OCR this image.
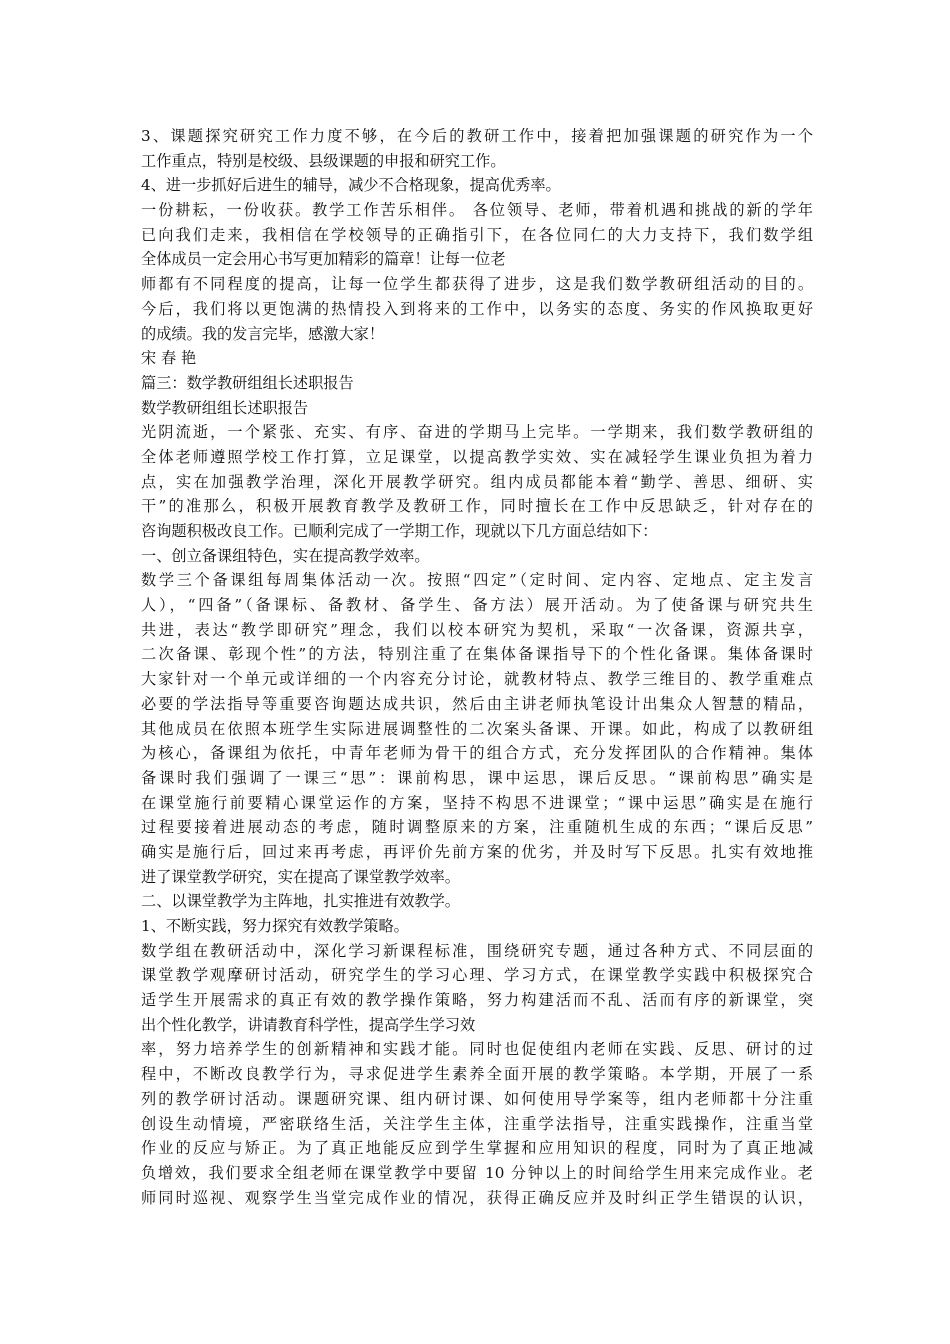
3、课题探究研究工作力度不够，在今后的教研工作中，接着把加强课题的研究作为一个
工作重点，特别是校级、县级课题的申报和研究工作。
4、进一步抓好后进生的辅导，减少不合格现象，提高优秀率。
一份耕耘，一份收获。教学工作苦乐相伴。 各位领导、老师，带着机遇和挑战的新的学年
已向我们走来，我相信在学校领导的正确指引下，在各位同仁的大力支持下，我们数学组
全体成员一定会用心书写更加精彩的篇章！让每一位老
师都有不同程度的提高，让每一位学生都获得了进步，这是我们数学教研组活动的目的。
今后，我们将以更饱满的热情投入到将来的工作中，以务实的态度、务实的作风换取更好
的成绩。我的发言完毕，感激大家！
宋 春 艳
篇三：数学教研组组长述职报告
数学教研组组长述职报告
光阴流逝，一个紧张、充实、有序、奋进的学期马上完毕。一学期来，我们数学教研组的
全体老师遵照学校工作打算，立足课堂，以提高教学实效、实在减轻学生课业负担为着力
点，实在加强教学治理，深化开展教学研究。组内成员都能本着“勤学、善思、细研、实
干”的准那么，积极开展教育教学及教研工作，同时擅长在工作中反思缺乏，针对存在的
咨询题积极改良工作。已顺利完成了一学期工作，现就以下几方面总结如下：
一、创立备课组特色，实在提高教学效率。
数学三个备课组每周集体活动一次。按照“四定”（定时间、定内容、定地点、定主发言
人），“四备”（备课标、备教材、备学生、备方法）展开活动。为了使备课与研究共生
共进，表达“教学即研究”理念，我们以校本研究为契机，采取“一次备课，资源共享，
二次备课、彰现个性”的方法，特别注重了在集体备课指导下的个性化备课。集体备课时
大家针对一个单元或详细的一个内容充分讨论，就教材特点、教学三维目的、教学重难点
必要的学法指导等重要咨询题达成共识，然后由主讲老师执笔设计出集众人智慧的精品，
其他成员在依照本班学生实际进展调整性的二次案头备课、开课。如此，构成了以教研组
为核心，备课组为依托，中青年老师为骨干的组合方式，充分发挥团队的合作精神。集体
备课时我们强调了一课三“思”：课前构思，课中运思，课后反思。“课前构思”确实是
在课堂施行前要精心课堂运作的方案，坚持不构思不进课堂；“课中运思”确实是在施行
过程要接着进展动态的考虑，随时调整原来的方案，注重随机生成的东西；“课后反思”
确实是施行后，回过来再考虑，再评价先前方案的优劣，并及时写下反思。扎实有效地推
进了课堂教学研究，实在提高了课堂教学效率。
二、以课堂教学为主阵地，扎实推进有效教学。
1、不断实践，努力探究有效教学策略。
数学组在教研活动中，深化学习新课程标准，围绕研究专题，通过各种方式、不同层面的
课堂教学观摩研讨活动，研究学生的学习心理、学习方式，在课堂教学实践中积极探究合
适学生开展需求的真正有效的教学操作策略，努力构建活而不乱、活而有序的新课堂，突
出个性化教学，讲请教育科学性，提高学生学习效
率，努力培养学生的创新精神和实践才能。同时也促使组内老师在实践、反思、研讨的过
程中，不断改良教学行为，寻求促进学生素养全面开展的教学策略。本学期，开展了一系
列的教学研讨活动。课题研究课、组内研讨课、如何使用导学案等，组内老师都十分注重
创设生动情境，严密联络生活，关注学生主体，注重学法指导，注重实践操作，注重当堂
作业的反应与矫正。为了真正地能反应到学生掌握和应用知识的程度，同时为了真正地减
负增效，我们要求全组老师在课堂教学中要留 10 分钟以上的时间给学生用来完成作业。老
师同时巡视、观察学生当堂完成作业的情况，获得正确反应并及时纠正学生错误的认识，
